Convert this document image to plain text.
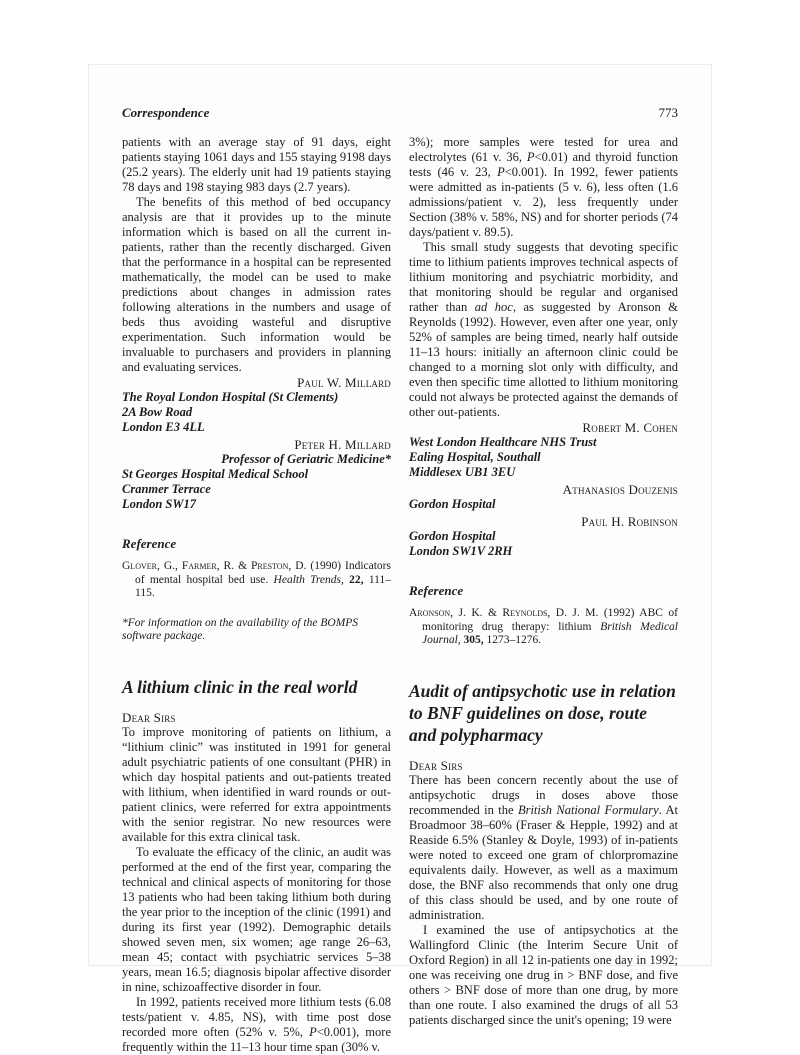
Correspondence	773

patients with an average stay of 91 days, eight patients staying 1061 days and 155 staying 9198 days (25.2 years). The elderly unit had 19 patients staying 78 days and 198 staying 983 days (2.7 years).

The benefits of this method of bed occupancy analysis are that it provides up to the minute information which is based on all the current in-patients, rather than the recently discharged. Given that the performance in a hospital can be represented mathematically, the model can be used to make predictions about changes in admission rates following alterations in the numbers and usage of beds thus avoiding wasteful and disruptive experimentation. Such information would be invaluable to purchasers and providers in planning and evaluating services.

Paul W. Millard
The Royal London Hospital (St Clements)
2A Bow Road
London E3 4LL
Peter H. Millard
Professor of Geriatric Medicine*
St Georges Hospital Medical School
Cranmer Terrace
London SW17
Reference

Glover, G., Farmer, R. & Preston, D. (1990) Indicators of mental hospital bed use. Health Trends, 22, 111–115.

*For information on the availability of the BOMPS software package.

A lithium clinic in the real world
Dear Sirs

To improve monitoring of patients on lithium, a “lithium clinic” was instituted in 1991 for general adult psychiatric patients of one consultant (PHR) in which day hospital patients and out-patients treated with lithium, when identified in ward rounds or out-patient clinics, were referred for extra appointments with the senior registrar. No new resources were available for this extra clinical task.

To evaluate the efficacy of the clinic, an audit was performed at the end of the first year, comparing the technical and clinical aspects of monitoring for those 13 patients who had been taking lithium both during the year prior to the inception of the clinic (1991) and during its first year (1992). Demographic details showed seven men, six women; age range 26–63, mean 45; contact with psychiatric services 5–38 years, mean 16.5; diagnosis bipolar affective disorder in nine, schizoaffective disorder in four.

In 1992, patients received more lithium tests (6.08 tests/patient v. 4.85, NS), with time post dose recorded more often (52% v. 5%, P<0.001), more frequently within the 11–13 hour time span (30% v.

3%); more samples were tested for urea and electrolytes (61 v. 36, P<0.01) and thyroid function tests (46 v. 23, P<0.001). In 1992, fewer patients were admitted as in-patients (5 v. 6), less often (1.6 admissions/patient v. 2), less frequently under Section (38% v. 58%, NS) and for shorter periods (74 days/patient v. 89.5).

This small study suggests that devoting specific time to lithium patients improves technical aspects of lithium monitoring and psychiatric morbidity, and that monitoring should be regular and organised rather than ad hoc, as suggested by Aronson & Reynolds (1992). However, even after one year, only 52% of samples are being timed, nearly half outside 11–13 hours: initially an afternoon clinic could be changed to a morning slot only with difficulty, and even then specific time allotted to lithium monitoring could not always be protected against the demands of other out-patients.

Robert M. Cohen
West London Healthcare NHS Trust
Ealing Hospital, Southall
Middlesex UB1 3EU
Athanasios Douzenis
Gordon Hospital
Paul H. Robinson
Gordon Hospital
London SW1V 2RH
Reference

Aronson, J. K. & Reynolds, D. J. M. (1992) ABC of monitoring drug therapy: lithium British Medical Journal, 305, 1273–1276.

Audit of antipsychotic use in relation to BNF guidelines on dose, route and polypharmacy
Dear Sirs

There has been concern recently about the use of antipsychotic drugs in doses above those recommended in the British National Formulary. At Broadmoor 38–60% (Fraser & Hepple, 1992) and at Reaside 6.5% (Stanley & Doyle, 1993) of in-patients were noted to exceed one gram of chlorpromazine equivalents daily. However, as well as a maximum dose, the BNF also recommends that only one drug of this class should be used, and by one route of administration.

I examined the use of antipsychotics at the Wallingford Clinic (the Interim Secure Unit of Oxford Region) in all 12 in-patients one day in 1992; one was receiving one drug in > BNF dose, and five others > BNF dose of more than one drug, by more than one route. I also examined the drugs of all 53 patients discharged since the unit's opening; 19 were
